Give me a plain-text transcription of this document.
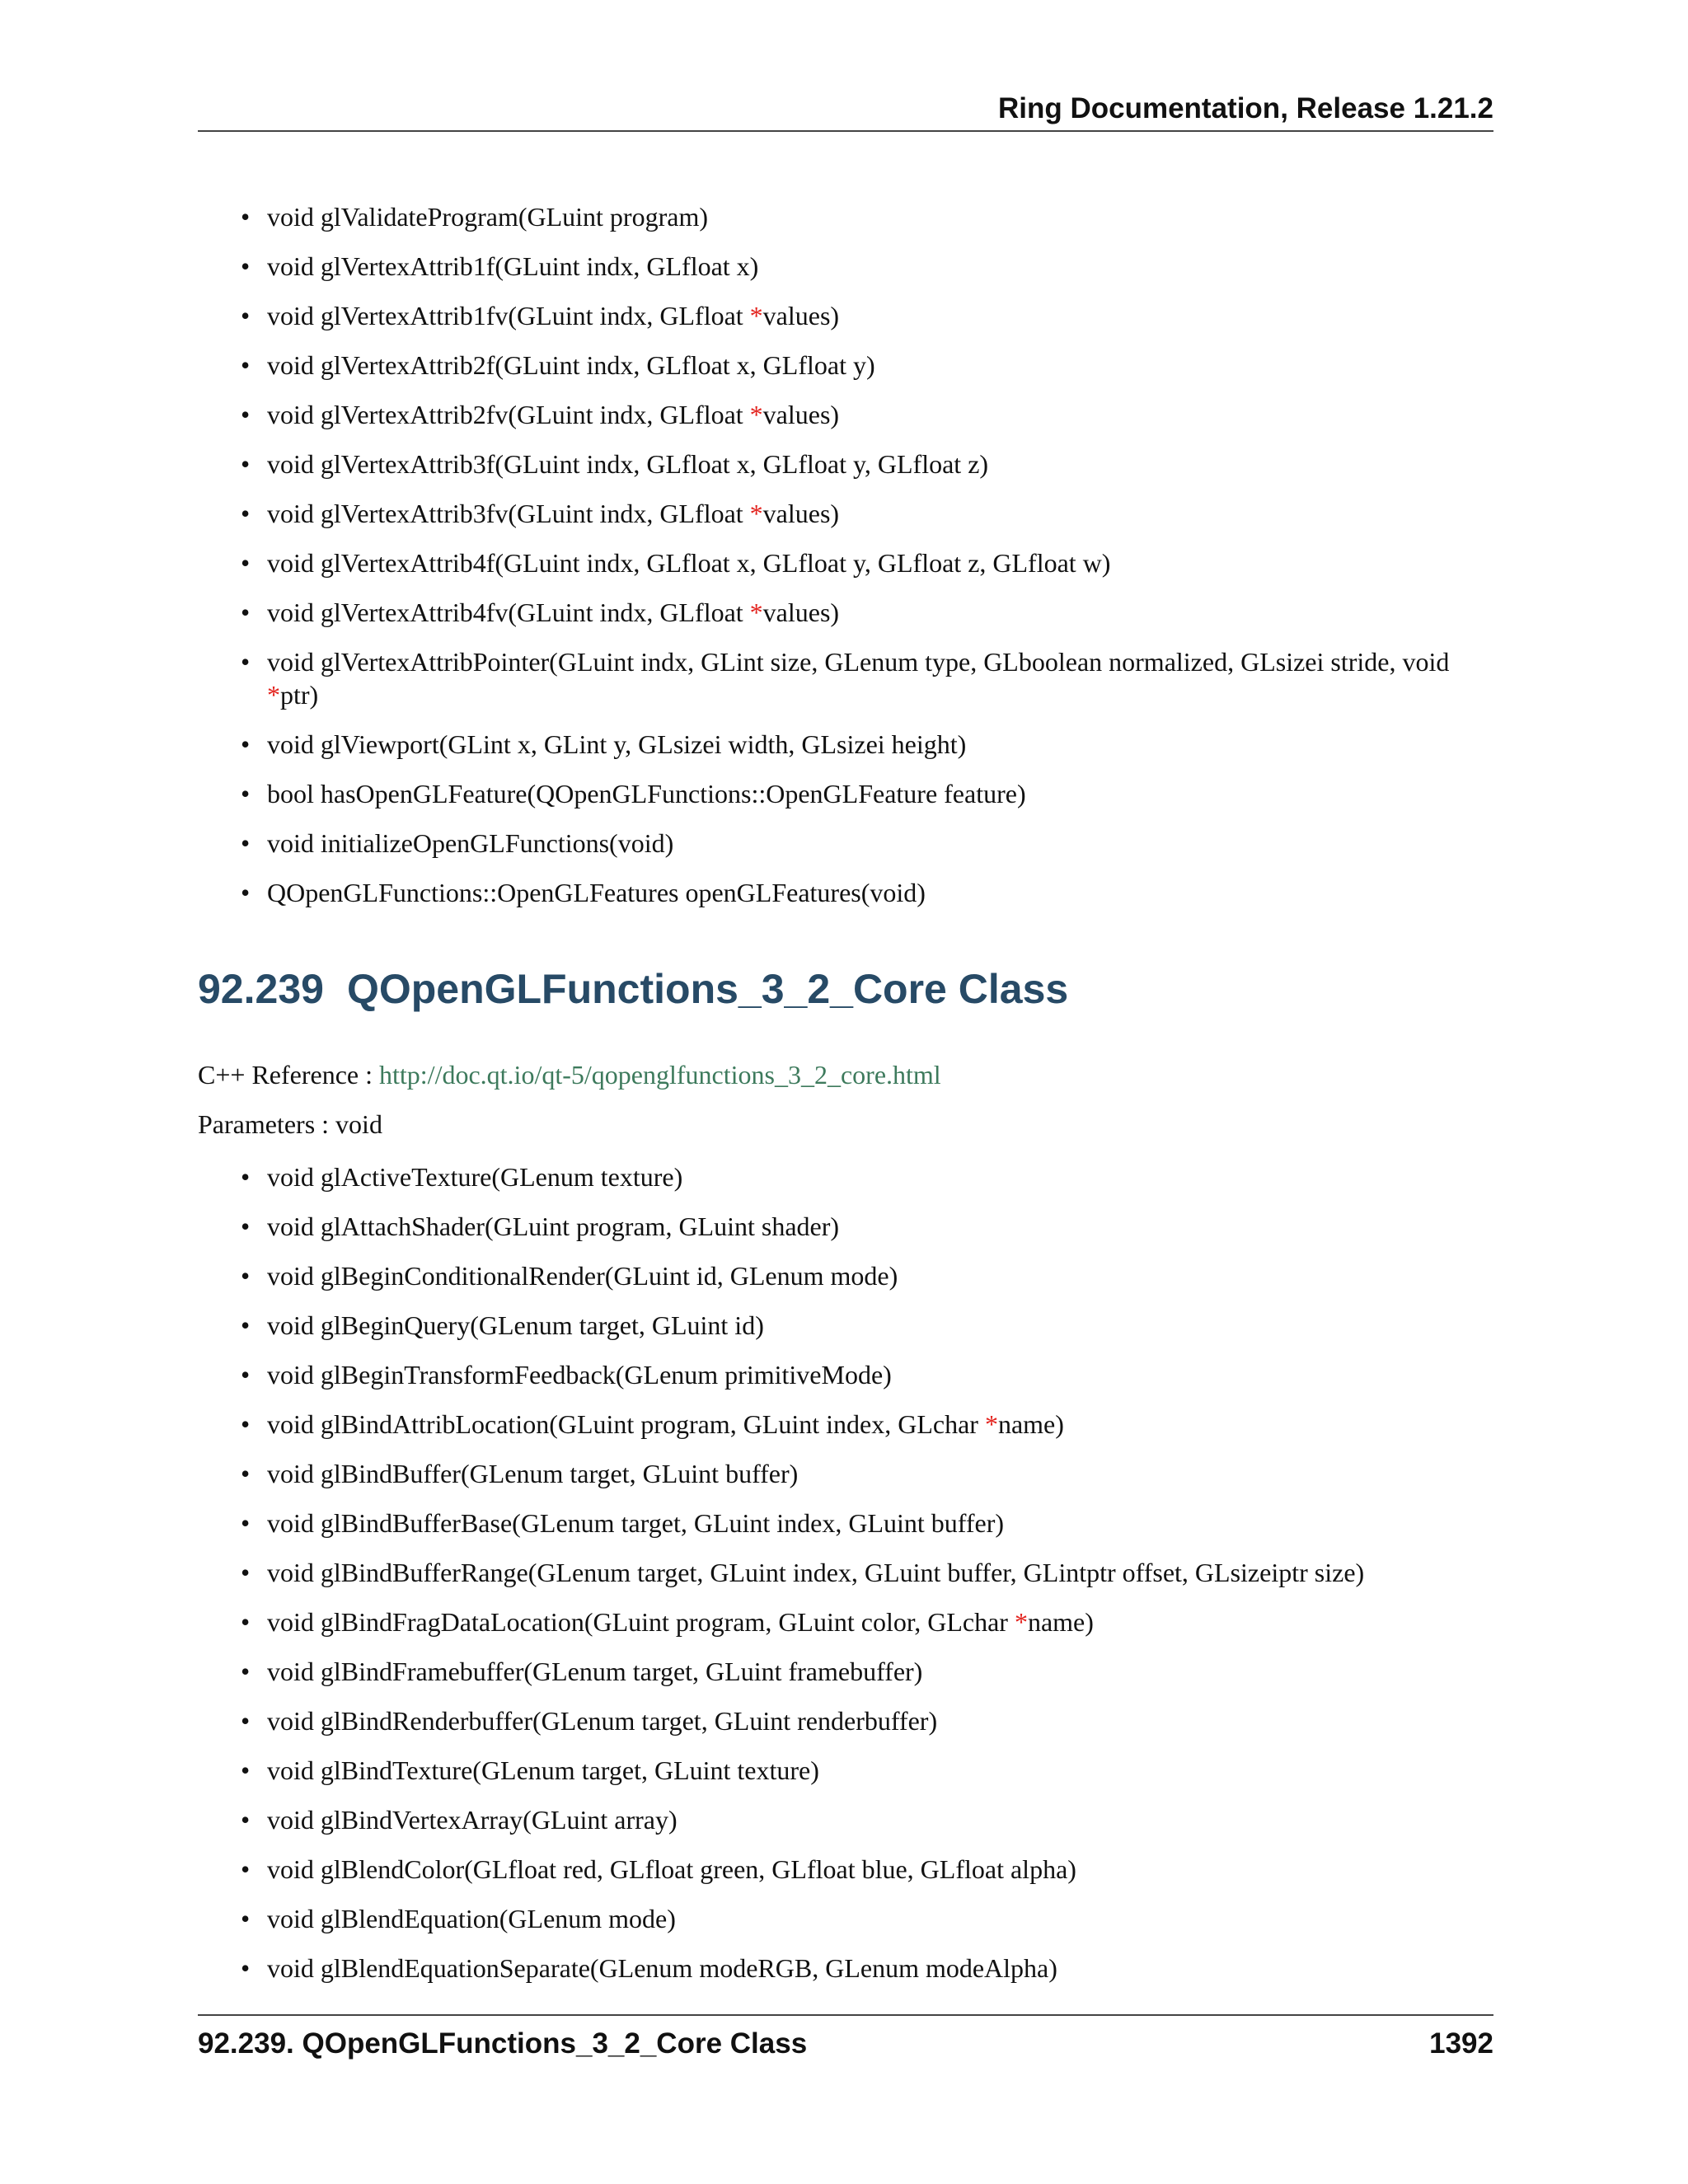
Ring Documentation, Release 1.21.2
• void glValidateProgram(GLuint program)
• void glVertexAttrib1f(GLuint indx, GLfloat x)
• void glVertexAttrib1fv(GLuint indx, GLfloat *values)
• void glVertexAttrib2f(GLuint indx, GLfloat x, GLfloat y)
• void glVertexAttrib2fv(GLuint indx, GLfloat *values)
• void glVertexAttrib3f(GLuint indx, GLfloat x, GLfloat y, GLfloat z)
• void glVertexAttrib3fv(GLuint indx, GLfloat *values)
• void glVertexAttrib4f(GLuint indx, GLfloat x, GLfloat y, GLfloat z, GLfloat w)
• void glVertexAttrib4fv(GLuint indx, GLfloat *values)
• void glVertexAttribPointer(GLuint indx, GLint size, GLenum type, GLboolean normalized, GLsizei stride, void *ptr)
• void glViewport(GLint x, GLint y, GLsizei width, GLsizei height)
• bool hasOpenGLFeature(QOpenGLFunctions::OpenGLFeature feature)
• void initializeOpenGLFunctions(void)
• QOpenGLFunctions::OpenGLFeatures openGLFeatures(void)
92.239 QOpenGLFunctions_3_2_Core Class
C++ Reference : http://doc.qt.io/qt-5/qopenglfunctions_3_2_core.html
Parameters : void
• void glActiveTexture(GLenum texture)
• void glAttachShader(GLuint program, GLuint shader)
• void glBeginConditionalRender(GLuint id, GLenum mode)
• void glBeginQuery(GLenum target, GLuint id)
• void glBeginTransformFeedback(GLenum primitiveMode)
• void glBindAttribLocation(GLuint program, GLuint index, GLchar *name)
• void glBindBuffer(GLenum target, GLuint buffer)
• void glBindBufferBase(GLenum target, GLuint index, GLuint buffer)
• void glBindBufferRange(GLenum target, GLuint index, GLuint buffer, GLintptr offset, GLsizeiptr size)
• void glBindFragDataLocation(GLuint program, GLuint color, GLchar *name)
• void glBindFramebuffer(GLenum target, GLuint framebuffer)
• void glBindRenderbuffer(GLenum target, GLuint renderbuffer)
• void glBindTexture(GLenum target, GLuint texture)
• void glBindVertexArray(GLuint array)
• void glBlendColor(GLfloat red, GLfloat green, GLfloat blue, GLfloat alpha)
• void glBlendEquation(GLenum mode)
• void glBlendEquationSeparate(GLenum modeRGB, GLenum modeAlpha)
92.239. QOpenGLFunctions_3_2_Core Class	1392
